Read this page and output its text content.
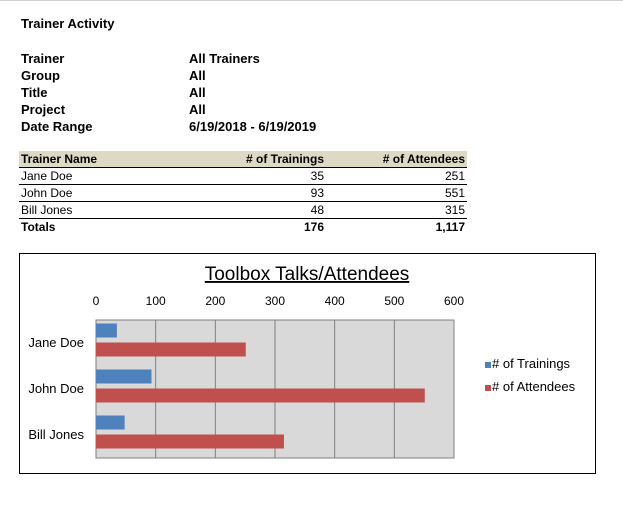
Trainer Activity
Trainer	All Trainers
Group	All
Title	All
Project	All
Date Range	6/19/2018 - 6/19/2019
Trainer Name	# of Trainings	# of Attendees
Jane Doe	35	251
John Doe	93	551
Bill Jones	48	315
Totals	176	1,117
Toolbox Talks/Attendees
0	100	200	300	400	500	600
Jane Doe
John Doe
Bill Jones
# of Trainings
# of Attendees
